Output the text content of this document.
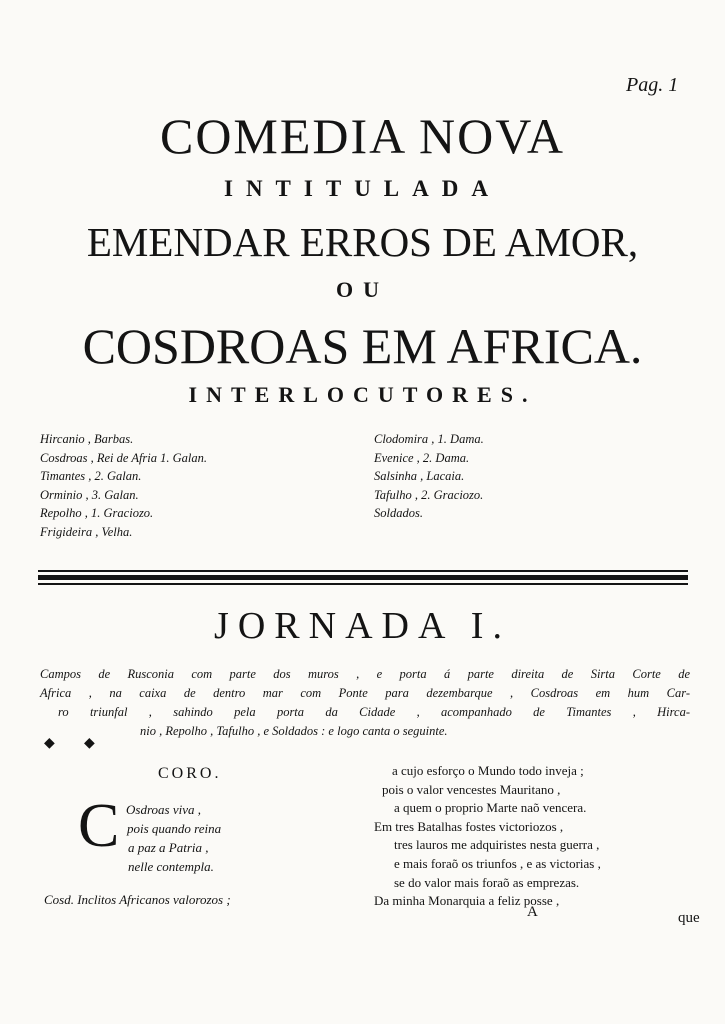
Pag. 1
COMEDIA NOVA
INTITULADA
EMENDAR ERROS DE AMOR,
OU
COSDROAS EM AFRICA.
INTERLOCUTORES.
Hircanio , Barbas.
Cosdroas , Rei de Afria 1. Galan.
Timantes , 2. Galan.
Orminio , 3. Galan.
Repolho , 1. Graciozo.
Frigideira , Velha.
Clodomira , 1. Dama.
Evenice , 2. Dama.
Salsinha , Lacaia.
Tafulho , 2. Graciozo.
Soldados.
JORNADA I.
Campos de Rusconia com parte dos muros , e porta á parte direita de Sirta Corte de
Africa , na caixa de dentro mar com Ponte para dezembarque , Cosdroas em hum Car-
ro triunfal , sahindo pela porta da Cidade , acompanhado de Timantes , Hirca-
nio , Repolho , Tafulho , e Soldados : e logo canta o seguinte.
◆ ◆
CORO.
C Osdroas viva ,
pois quando reina
a paz a Patria ,
nelle contempla.
Cosd. Inclitos Africanos valorozos ;
a cujo esforço o Mundo todo inveja ;
pois o valor vencestes Mauritano ,
a quem o proprio Marte naõ vencera.
Em tres Batalhas fostes victoriozos ,
tres lauros me adquiristes nesta guerra ,
e mais foraõ os triunfos , e as victorias ,
se do valor mais foraõ as emprezas.
Da minha Monarquia a feliz posse ,
A	que
